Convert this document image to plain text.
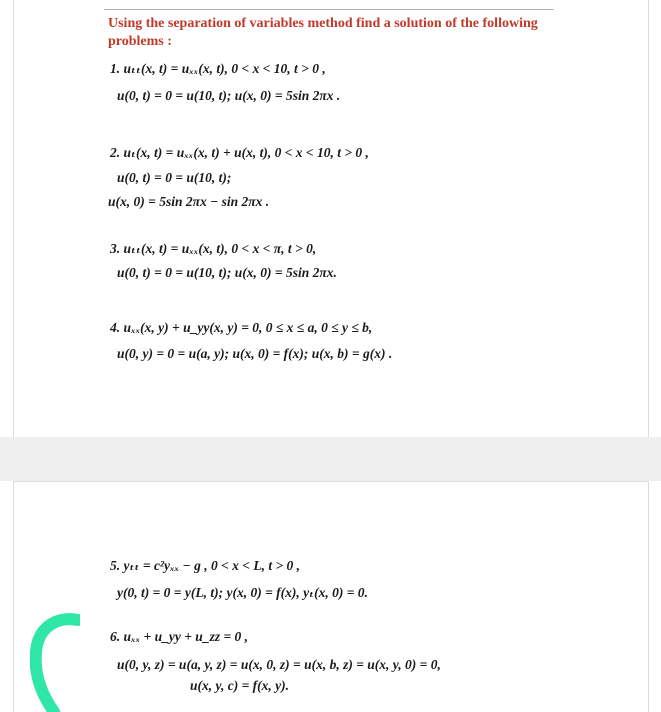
Using the separation of variables method find a solution of the following problems :
1. uₜₜ(x, t) = uₓₓ(x, t), 0 < x < 10, t > 0 ,
u(0, t) = 0 = u(10, t); u(x, 0) = 5sin 2πx .
2. uₜ(x, t) = uₓₓ(x, t) + u(x, t), 0 < x < 10, t > 0 ,
u(0, t) = 0 = u(10, t);
u(x, 0) = 5sin 2πx − sin 2πx .
3. uₜₜ(x, t) = uₓₓ(x, t), 0 < x < π, t > 0,
u(0, t) = 0 = u(10, t); u(x, 0) = 5sin 2πx.
4. uₓₓ(x, y) + u_yy(x, y) = 0, 0 ≤ x ≤ a, 0 ≤ y ≤ b,
u(0, y) = 0 = u(a, y); u(x, 0) = f(x); u(x, b) = g(x) .
5. yₜₜ = c²yₓₓ − g , 0 < x < L, t > 0 ,
y(0, t) = 0 = y(L, t); y(x, 0) = f(x), yₜ(x, 0) = 0.
6. uₓₓ + u_yy + u_zz = 0 ,
u(0, y, z) = u(a, y, z) = u(x, 0, z) = u(x, b, z) = u(x, y, 0) = 0,
u(x, y, c) = f(x, y).
